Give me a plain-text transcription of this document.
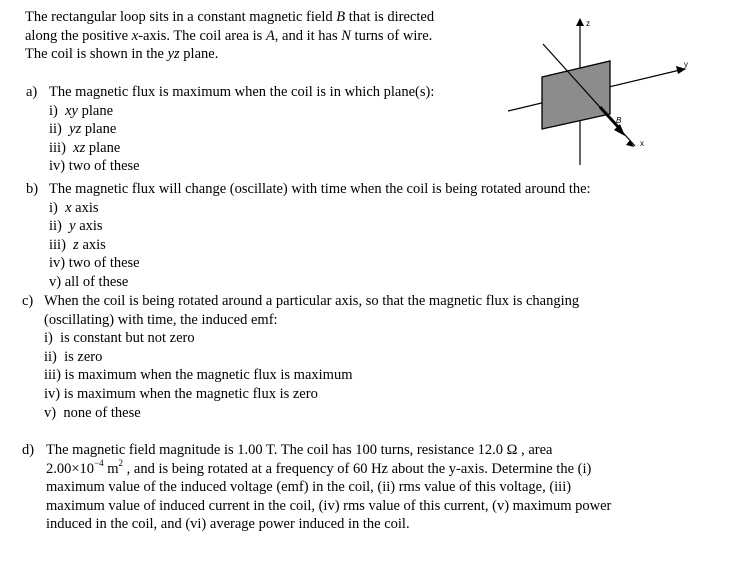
The rectangular loop sits in a constant magnetic field B that is directed
along the positive x-axis. The coil area is A, and it has N turns of wire.
The coil is shown in the yz plane.
z
y
B
x
a) The magnetic flux is maximum when the coil is in which plane(s):
i) xy plane
ii) yz plane
iii) xz plane
iv) two of these
b) The magnetic flux will change (oscillate) with time when the coil is being rotated around the:
i) x axis
ii) y axis
iii) z axis
iv) two of these
v) all of these
c) When the coil is being rotated around a particular axis, so that the magnetic flux is changing
(oscillating) with time, the induced emf:
i) is constant but not zero
ii) is zero
iii) is maximum when the magnetic flux is maximum
iv) is maximum when the magnetic flux is zero
v) none of these
d) The magnetic field magnitude is 1.00 T. The coil has 100 turns, resistance 12.0 Ω , area
$2.00\times 10^{-4}$ $m^2$ , and is being rotated at a frequency of 60 Hz about the y-axis. Determine the (i)
maximum value of the induced voltage (emf) in the coil, (ii) rms value of this voltage, (iii)
maximum value of induced current in the coil, (iv) rms value of this current, (v) maximum power
induced in the coil, and (vi) average power induced in the coil.
